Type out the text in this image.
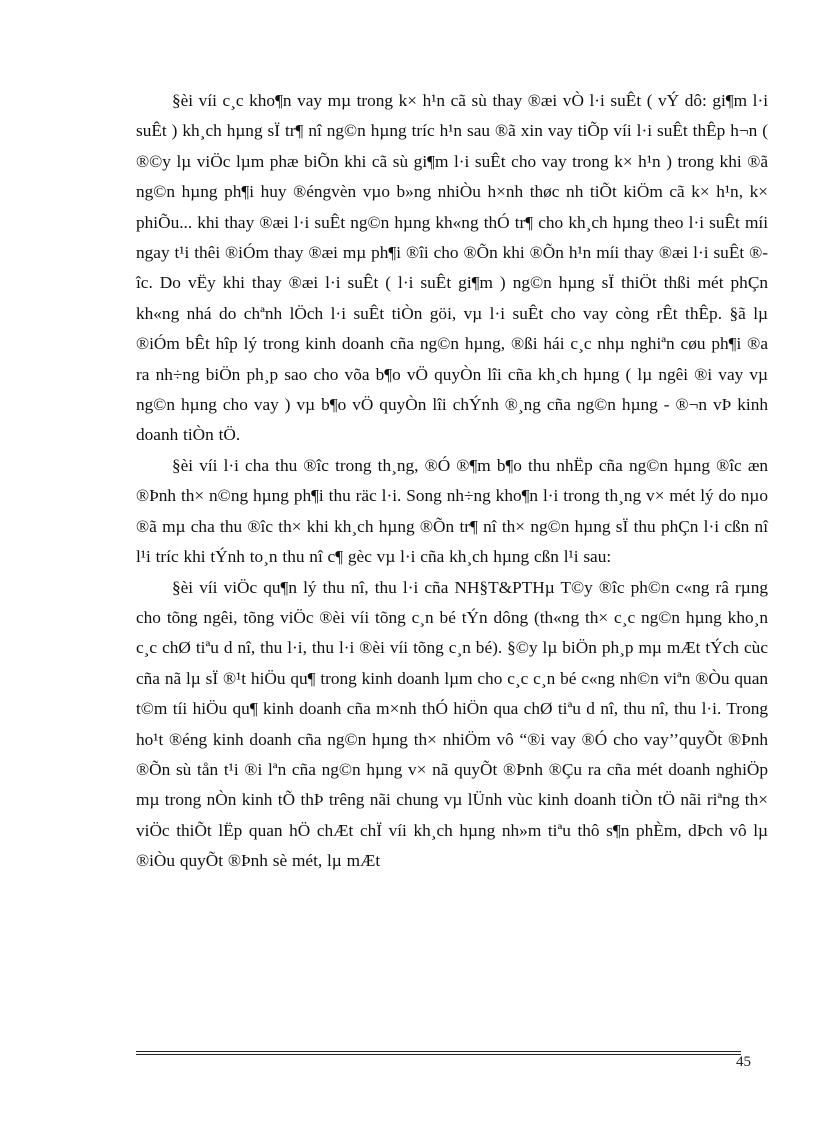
§èi víi c¸c kho¶n vay mµ trong k× h¹n cã sù thay ®æi vÒ l·i suÊt ( vÝ dô: gi¶m l·i suÊt ) kh¸ch hµng sÏ tr¶ nî ng©n hµng tríc h¹n sau ®ã xin vay tiÕp víi l·i suÊt thÊp h¬n ( ®©y lµ viÖc lµm phæ biÕn khi cã sù gi¶m l·i suÊt cho vay trong k× h¹n ) trong khi ®ã ng©n hµng ph¶i huy ®éngvèn vµo b»ng nhiÒu h×nh thøc nh tiÕt kiÖm cã k× h¹n, k× phiÕu... khi thay ®æi l·i suÊt ng©n hµng kh«ng thÓ tr¶ cho kh¸ch hµng theo l·i suÊt míi ngay t¹i thêi ®iÓm thay ®æi mµ ph¶i ®îi cho ®Õn khi ®Õn h¹n míi thay ®æi l·i suÊt ®îc. Do vËy khi thay ®æi l·i suÊt ( l·i suÊt gi¶m ) ng©n hµng sÏ thiÖt thßi mét phÇn kh«ng nhá do chªnh lÖch l·i suÊt tiÒn göi, vµ l·i suÊt cho vay còng rÊt thÊp. §ã lµ ®iÓm bÊt hîp lý trong kinh doanh cña ng©n hµng, ®ßi hái c¸c nhµ nghiªn cøu ph¶i ®a ra nh÷ng biÖn ph¸p sao cho võa b¶o vÖ quyÒn lîi cña kh¸ch hµng ( lµ ngêi ®i vay vµ ng©n hµng cho vay ) vµ b¶o vÖ quyÒn lîi chÝnh ®¸ng cña ng©n hµng - ®¬n vÞ kinh doanh tiÒn tÖ.

§èi víi l·i cha thu ®îc trong th¸ng, ®Ó ®¶m b¶o thu nhËp cña ng©n hµng ®îc æn ®Þnh th× n©ng hµng ph¶i thu räc l·i. Song nh÷ng kho¶n l·i trong th¸ng v× mét lý do nµo ®ã mµ cha thu ®îc th× khi kh¸ch hµng ®Õn tr¶ nî th× ng©n hµng sÏ thu phÇn l·i cßn nî l¹i tríc khi tÝnh to¸n thu nî c¶ gèc vµ l·i cña kh¸ch hµng cßn l¹i sau:

§èi víi viÖc qu¶n lý thu nî, thu l·i cña NH§T&PTHµ T©y ®îc ph©n c«ng râ rµng cho tõng ngêi, tõng viÖc ®èi víi tõng c¸n bé tÝn dông (th«ng th× c¸c ng©n hµng kho¸n c¸c chØ tiªu d nî, thu l·i, thu l·i ®èi víi tõng c¸n bé). §©y lµ biÖn ph¸p mµ mÆt tÝch cùc cña nã lµ sÏ ®¹t hiÖu qu¶ trong kinh doanh lµm cho c¸c c¸n bé c«ng nh©n viªn ®Òu quan t©m tíi hiÖu qu¶ kinh doanh cña m×nh thÓ hiÖn qua chØ tiªu d nî, thu nî, thu l·i. Trong ho¹t ®éng kinh doanh cña ng©n hµng th× nhiÖm vô “®i vay ®Ó cho vay’’quyÕt ®Þnh ®Õn sù tån t¹i ®i lªn cña ng©n hµng v× nã quyÕt ®Þnh ®Çu ra cña mét doanh nghiÖp mµ trong nÒn kinh tÕ thÞ trêng nãi chung vµ lÜnh vùc kinh doanh tiÒn tÖ nãi riªng th× viÖc thiÕt lËp quan hÖ chÆt chÏ víi kh¸ch hµng nh»m tiªu thô s¶n phÈm, dÞch vô lµ ®iÒu quyÕt ®Þnh sè mét, lµ mÆt

45
